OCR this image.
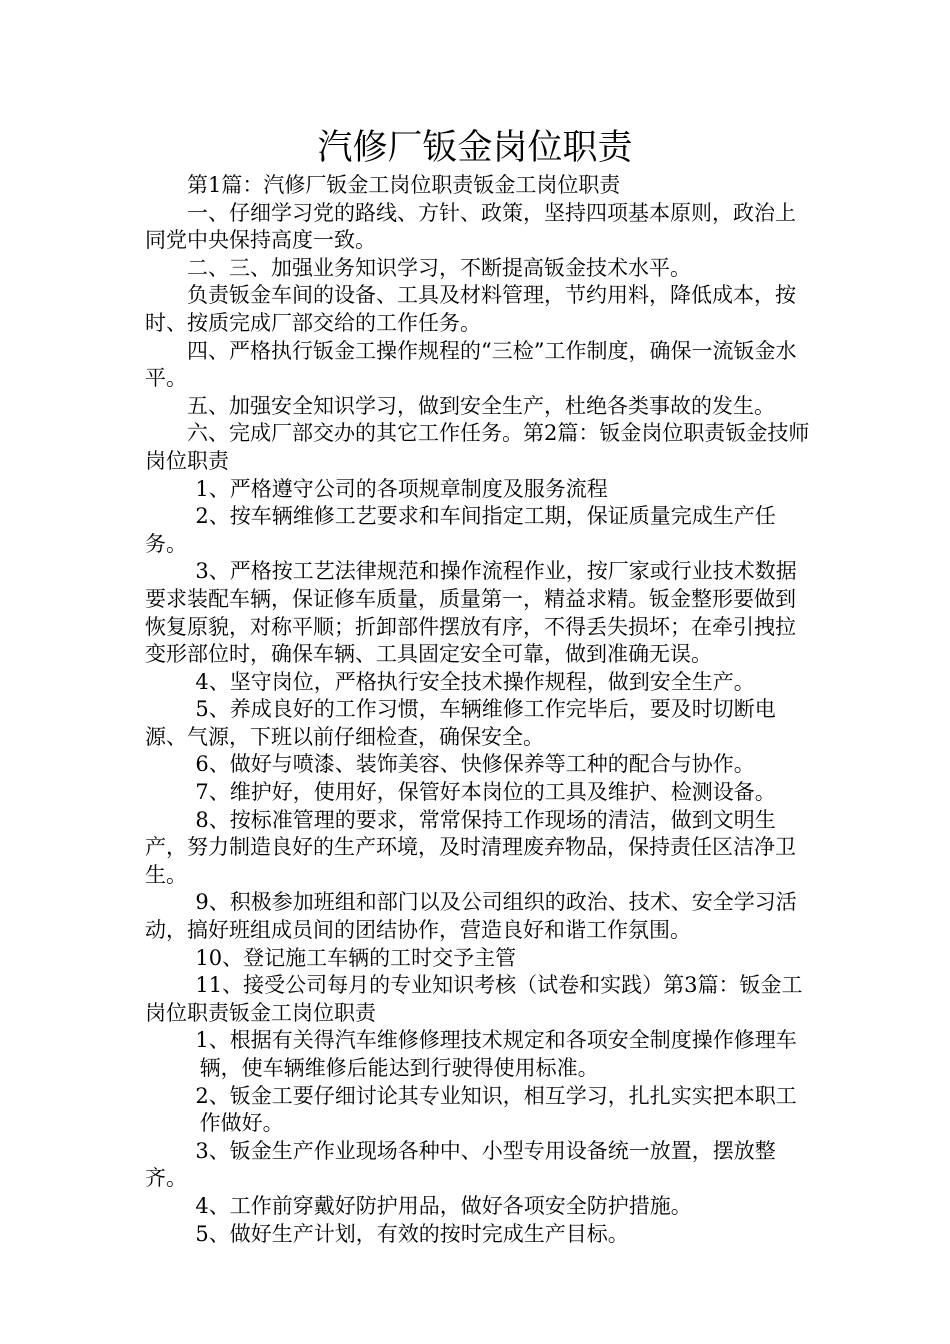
汽修厂钣金岗位职责

第1篇：汽修厂钣金工岗位职责钣金工岗位职责

一、仔细学习党的路线、方针、政策，坚持四项基本原则，政治上同党中央保持高度一致。

二、三、加强业务知识学习，不断提高钣金技术水平。

负责钣金车间的设备、工具及材料管理，节约用料，降低成本，按时、按质完成厂部交给的工作任务。

四、严格执行钣金工操作规程的“三检”工作制度，确保一流钣金水平。

五、加强安全知识学习，做到安全生产，杜绝各类事故的发生。

六、完成厂部交办的其它工作任务。第2篇：钣金岗位职责钣金技师岗位职责

1、严格遵守公司的各项规章制度及服务流程

2、按车辆维修工艺要求和车间指定工期，保证质量完成生产任务。

3、严格按工艺法律规范和操作流程作业，按厂家或行业技术数据要求装配车辆，保证修车质量，质量第一，精益求精。钣金整形要做到恢复原貌，对称平顺；折卸部件摆放有序，不得丢失损坏；在牵引拽拉变形部位时，确保车辆、工具固定安全可靠，做到准确无误。

4、坚守岗位，严格执行安全技术操作规程，做到安全生产。

5、养成良好的工作习惯，车辆维修工作完毕后，要及时切断电源、气源，下班以前仔细检查，确保安全。

6、做好与喷漆、装饰美容、快修保养等工种的配合与协作。

7、维护好，使用好，保管好本岗位的工具及维护、检测设备。

8、按标准管理的要求，常常保持工作现场的清洁，做到文明生产，努力制造良好的生产环境，及时清理废弃物品，保持责任区洁净卫生。

9、积极参加班组和部门以及公司组织的政治、技术、安全学习活动，搞好班组成员间的团结协作，营造良好和谐工作氛围。

10、登记施工车辆的工时交予主管

11、接受公司每月的专业知识考核（试卷和实践）第3篇：钣金工岗位职责钣金工岗位职责

1、根据有关得汽车维修修理技术规定和各项安全制度操作修理车

辆，使车辆维修后能达到行驶得使用标准。

2、钣金工要仔细讨论其专业知识，相互学习，扎扎实实把本职工

作做好。

3、钣金生产作业现场各种中、小型专用设备统一放置，摆放整齐。

4、工作前穿戴好防护用品，做好各项安全防护措施。

5、做好生产计划，有效的按时完成生产目标。
